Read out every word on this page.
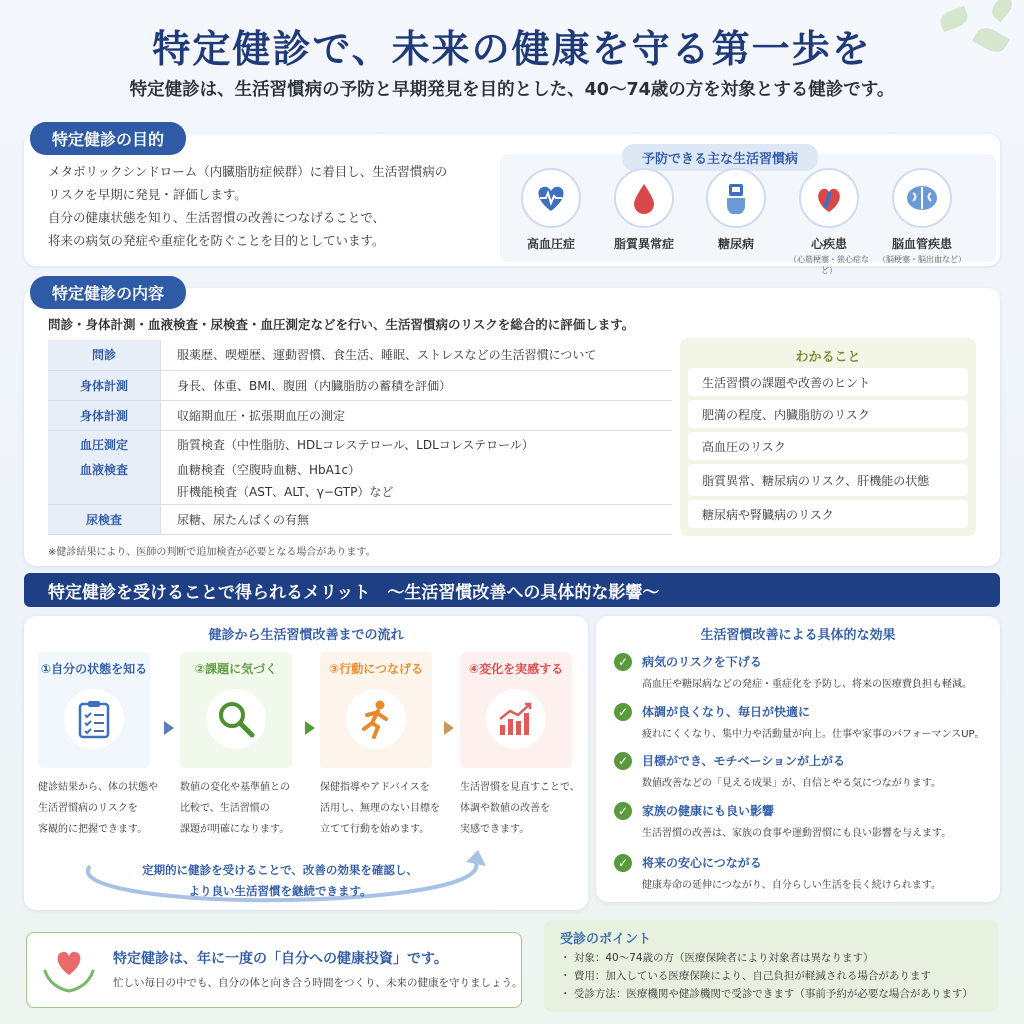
特定健診で、未来の健康を守る第一歩を
特定健診は、生活習慣病の予防と早期発見を目的とした、40〜74歳の方を対象とする健診です。
特定健診の目的
メタボリックシンドローム（内臓脂肪症候群）に着目し、生活習慣病の
リスクを早期に発見・評価します。
自分の健康状態を知り、生活習慣の改善につなげることで、
将来の病気の発症や重症化を防ぐことを目的としています。
予防できる主な生活習慣病
高血圧症	脂質異常症	糖尿病	心疾患
（心筋梗塞・狭心症など）
脳血管疾患
（脳梗塞・脳出血など）
特定健診の内容
問診・身体計測・血液検査・尿検査・血圧測定などを行い、生活習慣病のリスクを総合的に評価します。
問診	服薬歴、喫煙歴、運動習慣、食生活、睡眠、ストレスなどの生活習慣について
身体計測	身長、体重、BMI、腹囲（内臓脂肪の蓄積を評価）
身体計測	収縮期血圧・拡張期血圧の測定
血圧測定	脂質検査（中性脂肪、HDLコレステロール、LDLコレステロール）
血液検査	血糖検査（空腹時血糖、HbA1c）
	肝機能検査（AST、ALT、γ−GTP）など
尿検査	尿糖、尿たんぱくの有無
わかること
生活習慣の課題や改善のヒント
肥満の程度、内臓脂肪のリスク
高血圧のリスク
脂質異常、糖尿病のリスク、肝機能の状態
糖尿病や腎臓病のリスク
※健診結果により、医師の判断で追加検査が必要となる場合があります。
特定健診を受けることで得られるメリット　〜生活習慣改善への具体的な影響〜
健診から生活習慣改善までの流れ
①自分の状態を知る	②課題に気づく	③行動につなげる	④変化を実感する
健診結果から、体の状態や
生活習慣病のリスクを
客観的に把握できます。
数値の変化や基準値との
比較で、生活習慣の
課題が明確になります。
保健指導やアドバイスを
活用し、無理のない目標を
立てて行動を始めます。
生活習慣を見直すことで、
体調や数値の改善を
実感できます。
定期的に健診を受けることで、改善の効果を確認し、
より良い生活習慣を継続できます。
生活習慣改善による具体的な効果
✓	病気のリスクを下げる
高血圧や糖尿病などの発症・重症化を予防し、将来の医療費負担も軽減。
✓	体調が良くなり、毎日が快適に
疲れにくくなり、集中力や活動量が向上。仕事や家事のパフォーマンスUP。
✓	目標ができ、モチベーションが上がる
数値改善などの「見える成果」が、自信とやる気につながります。
✓	家族の健康にも良い影響
生活習慣の改善は、家族の食事や運動習慣にも良い影響を与えます。
✓	将来の安心につながる
健康寿命の延伸につながり、自分らしい生活を長く続けられます。
特定健診は、年に一度の「自分への健康投資」です。
忙しい毎日の中でも、自分の体と向き合う時間をつくり、未来の健康を守りましょう。
受診のポイント
・ 対象：40〜74歳の方（医療保険者により対象者は異なります）
・ 費用：加入している医療保険により、自己負担が軽減される場合があります
・ 受診方法：医療機関や健診機関で受診できます（事前予約が必要な場合があります）
